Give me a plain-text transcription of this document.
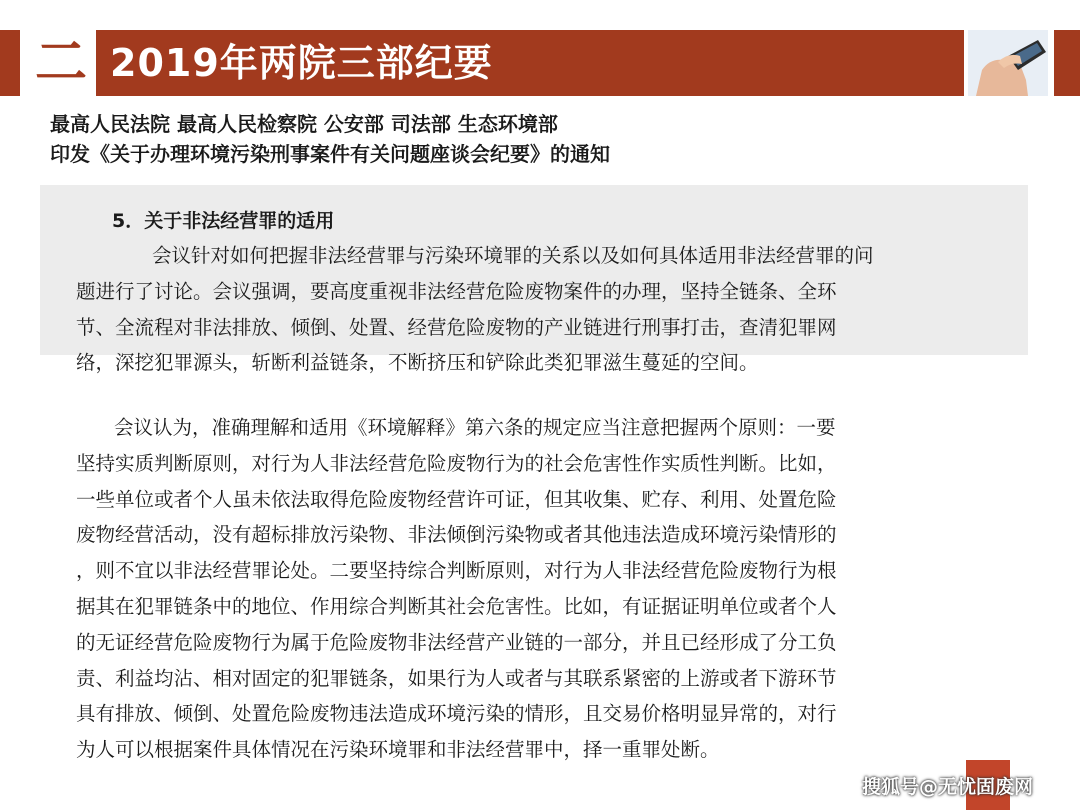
二 2019年两院三部纪要
最高人民法院 最高人民检察院 公安部 司法部 生态环境部
印发《关于办理环境污染刑事案件有关问题座谈会纪要》的通知
5．关于非法经营罪的适用
会议针对如何把握非法经营罪与污染环境罪的关系以及如何具体适用非法经营罪的问
题进行了讨论。会议强调，要高度重视非法经营危险废物案件的办理，坚持全链条、全环
节、全流程对非法排放、倾倒、处置、经营危险废物的产业链进行刑事打击，查清犯罪网
络，深挖犯罪源头，斩断利益链条，不断挤压和铲除此类犯罪滋生蔓延的空间。
会议认为，准确理解和适用《环境解释》第六条的规定应当注意把握两个原则：一要
坚持实质判断原则，对行为人非法经营危险废物行为的社会危害性作实质性判断。比如，
一些单位或者个人虽未依法取得危险废物经营许可证，但其收集、贮存、利用、处置危险
废物经营活动，没有超标排放污染物、非法倾倒污染物或者其他违法造成环境污染情形的
，则不宜以非法经营罪论处。二要坚持综合判断原则，对行为人非法经营危险废物行为根
据其在犯罪链条中的地位、作用综合判断其社会危害性。比如，有证据证明单位或者个人
的无证经营危险废物行为属于危险废物非法经营产业链的一部分，并且已经形成了分工负
责、利益均沾、相对固定的犯罪链条，如果行为人或者与其联系紧密的上游或者下游环节
具有排放、倾倒、处置危险废物违法造成环境污染的情形，且交易价格明显异常的，对行
为人可以根据案件具体情况在污染环境罪和非法经营罪中，择一重罪处断。
搜狐号@无忧固废网
